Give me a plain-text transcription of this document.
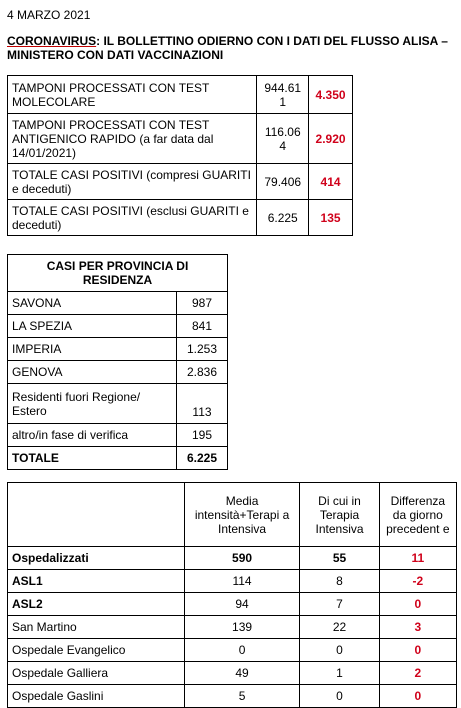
4 MARZO 2021
CORONAVIRUS: IL BOLLETTINO ODIERNO CON I DATI DEL FLUSSO ALISA – MINISTERO CON DATI VACCINAZIONI
TAMPONI PROCESSATI CON TEST MOLECOLARE	944.61 1	4.350
TAMPONI PROCESSATI CON TEST ANTIGENICO RAPIDO (a far data dal 14/01/2021)	116.06 4	2.920
TOTALE CASI POSITIVI (compresi GUARITI e deceduti)	79.406	414
TOTALE CASI POSITIVI (esclusi GUARITI e deceduti)	6.225	135
CASI PER PROVINCIA DI RESIDENZA	
SAVONA	987
LA SPEZIA	841
IMPERIA	1.253
GENOVA	2.836
Residenti fuori Regione/ Estero	113
altro/in fase di verifica	195
TOTALE	6.225
	Media intensità+Terapi a Intensiva	Di cui in Terapia Intensiva	Differenza da giorno precedent e
Ospedalizzati	590	55	11
ASL1	114	8	-2
ASL2	94	7	0
San Martino	139	22	3
Ospedale Evangelico	0	0	0
Ospedale Galliera	49	1	2
Ospedale Gaslini	5	0	0
